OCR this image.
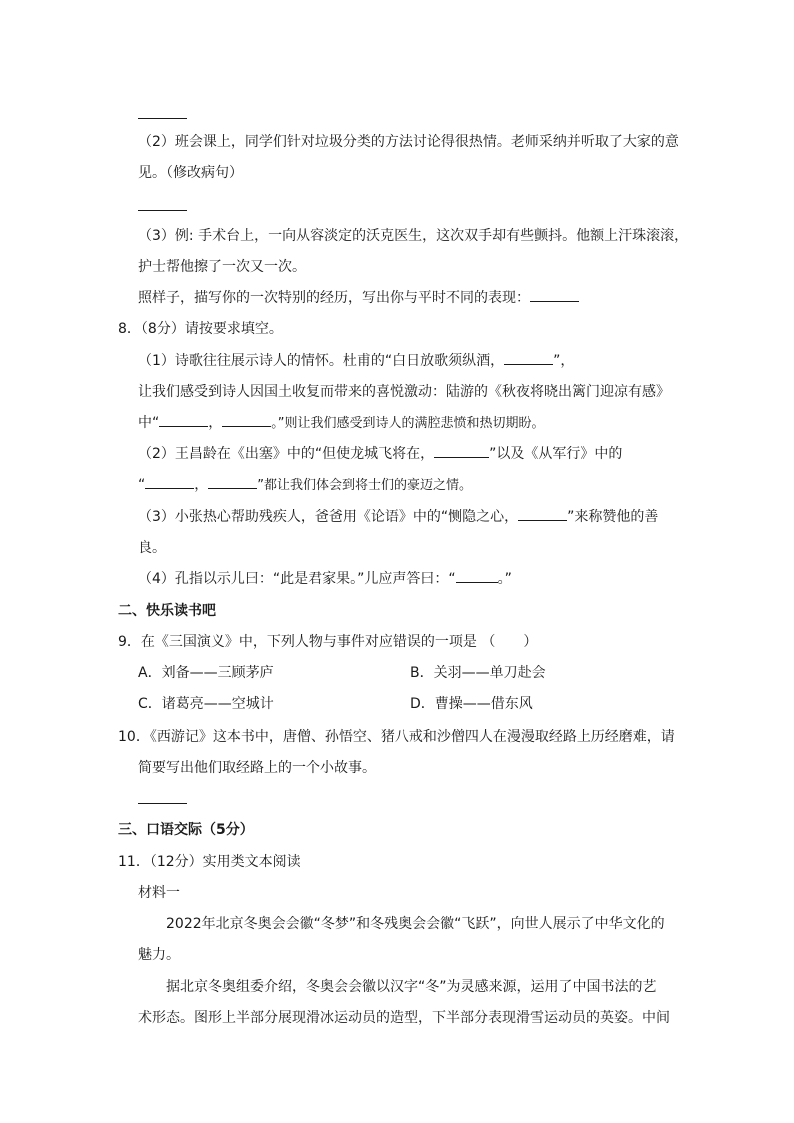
（2）班会课上，同学们针对垃圾分类的方法讨论得很热情。老师采纳并听取了大家的意
见。（修改病句）
（3）例: 手术台上，一向从容淡定的沃克医生，这次双手却有些颤抖。他额上汗珠滚滚，
护士帮他擦了一次又一次。
照样子，描写你的一次特别的经历，写出你与平时不同的表现：
8．（8分）请按要求填空。
（1）诗歌往往展示诗人的情怀。杜甫的“白日放歌须纵酒，	”，
让我们感受到诗人因国土收复而带来的喜悦激动：陆游的《秋夜将晓出篱门迎凉有感》
中“	，	。”则让我们感受到诗人的满腔悲愤和热切期盼。
（2）王昌龄在《出塞》中的“但使龙城飞将在，	”以及《从军行》中的
“	，	”都让我们体会到将士们的豪迈之情。
（3）小张热心帮助残疾人，爸爸用《论语》中的“恻隐之心，	”来称赞他的善
良。
（4）孔指以示儿曰：“此是君家果。”儿应声答曰：“	。”
二、快乐读书吧
9．在《三国演义》中，下列人物与事件对应错误的一项是 （　　）
A．刘备——三顾茅庐	B．关羽——单刀赴会
C．诸葛亮——空城计	D．曹操——借东风
10．《西游记》这本书中，唐僧、孙悟空、猪八戒和沙僧四人在漫漫取经路上历经磨难，请
简要写出他们取经路上的一个小故事。
三、口语交际（5分）
11．（12分）实用类文本阅读
材料一
2022年北京冬奥会会徽“冬梦”和冬残奥会会徽“飞跃”，向世人展示了中华文化的
魅力。
据北京冬奥组委介绍，冬奥会会徽以汉字“冬”为灵感来源，运用了中国书法的艺
术形态。图形上半部分展现滑冰运动员的造型，下半部分表现滑雪运动员的英姿。中间
